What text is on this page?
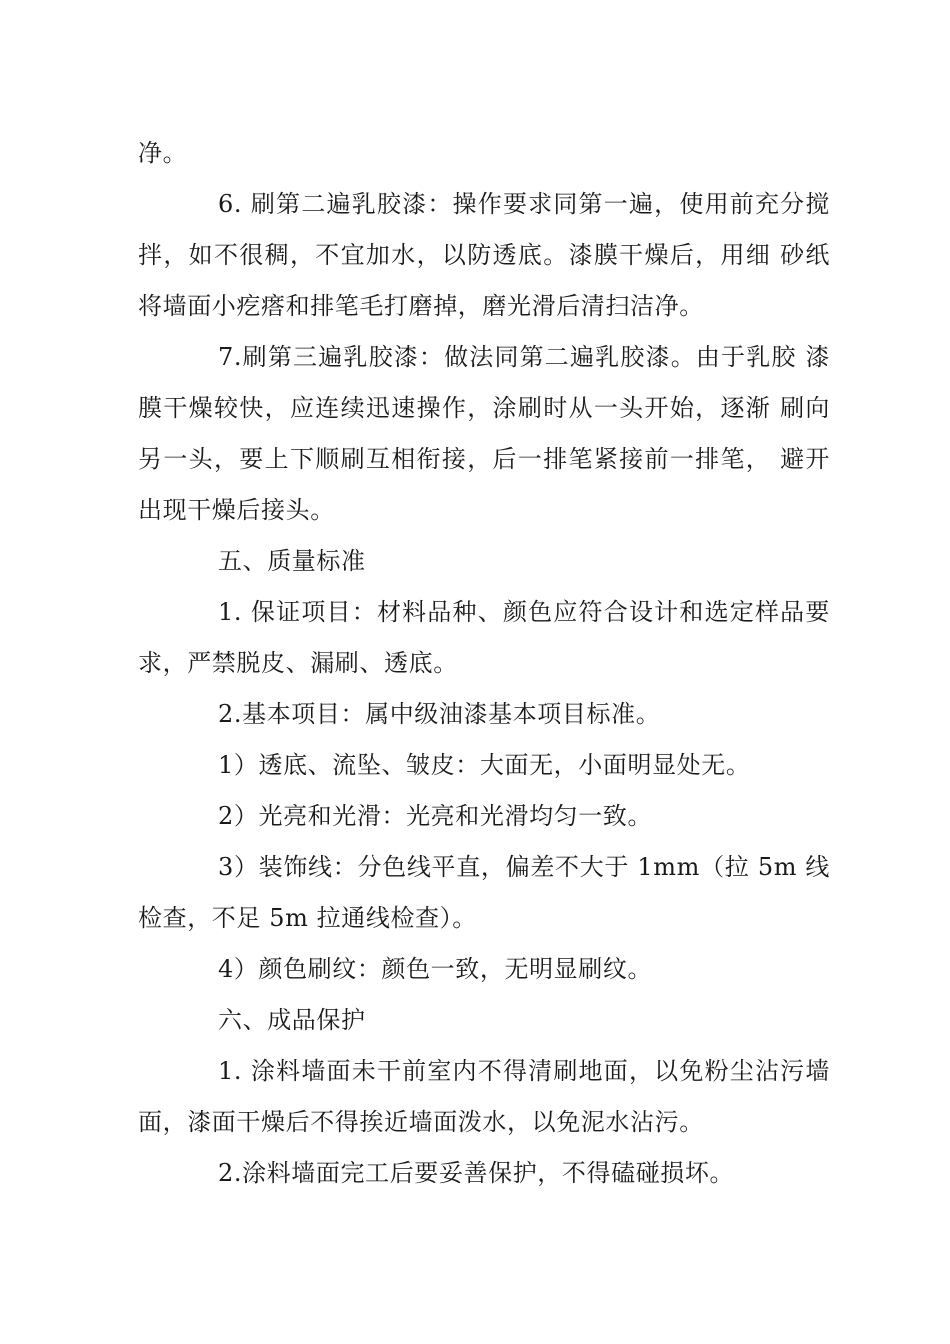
净。

6. 刷第二遍乳胶漆：操作要求同第一遍，使用前充分搅拌，如不很稠，不宜加水，以防透底。漆膜干燥后，用细 砂纸将墙面小疙瘩和排笔毛打磨掉，磨光滑后清扫洁净。

7.刷第三遍乳胶漆：做法同第二遍乳胶漆。由于乳胶 漆膜干燥较快，应连续迅速操作，涂刷时从一头开始，逐渐 刷向另一头，要上下顺刷互相衔接，后一排笔紧接前一排笔， 避开出现干燥后接头。

五、质量标准

1. 保证项目：材料品种、颜色应符合设计和选定样品要求，严禁脱皮、漏刷、透底。

2.基本项目：属中级油漆基本项目标准。

1）透底、流坠、皱皮：大面无，小面明显处无。

2）光亮和光滑：光亮和光滑均匀一致。

3）装饰线：分色线平直，偏差不大于 1mm（拉 5m 线检查，不足 5m 拉通线检查）。

4）颜色刷纹：颜色一致，无明显刷纹。

六、成品保护

1. 涂料墙面未干前室内不得清刷地面，以免粉尘沾污墙面，漆面干燥后不得挨近墙面泼水，以免泥水沾污。

2.涂料墙面完工后要妥善保护，不得磕碰损坏。
